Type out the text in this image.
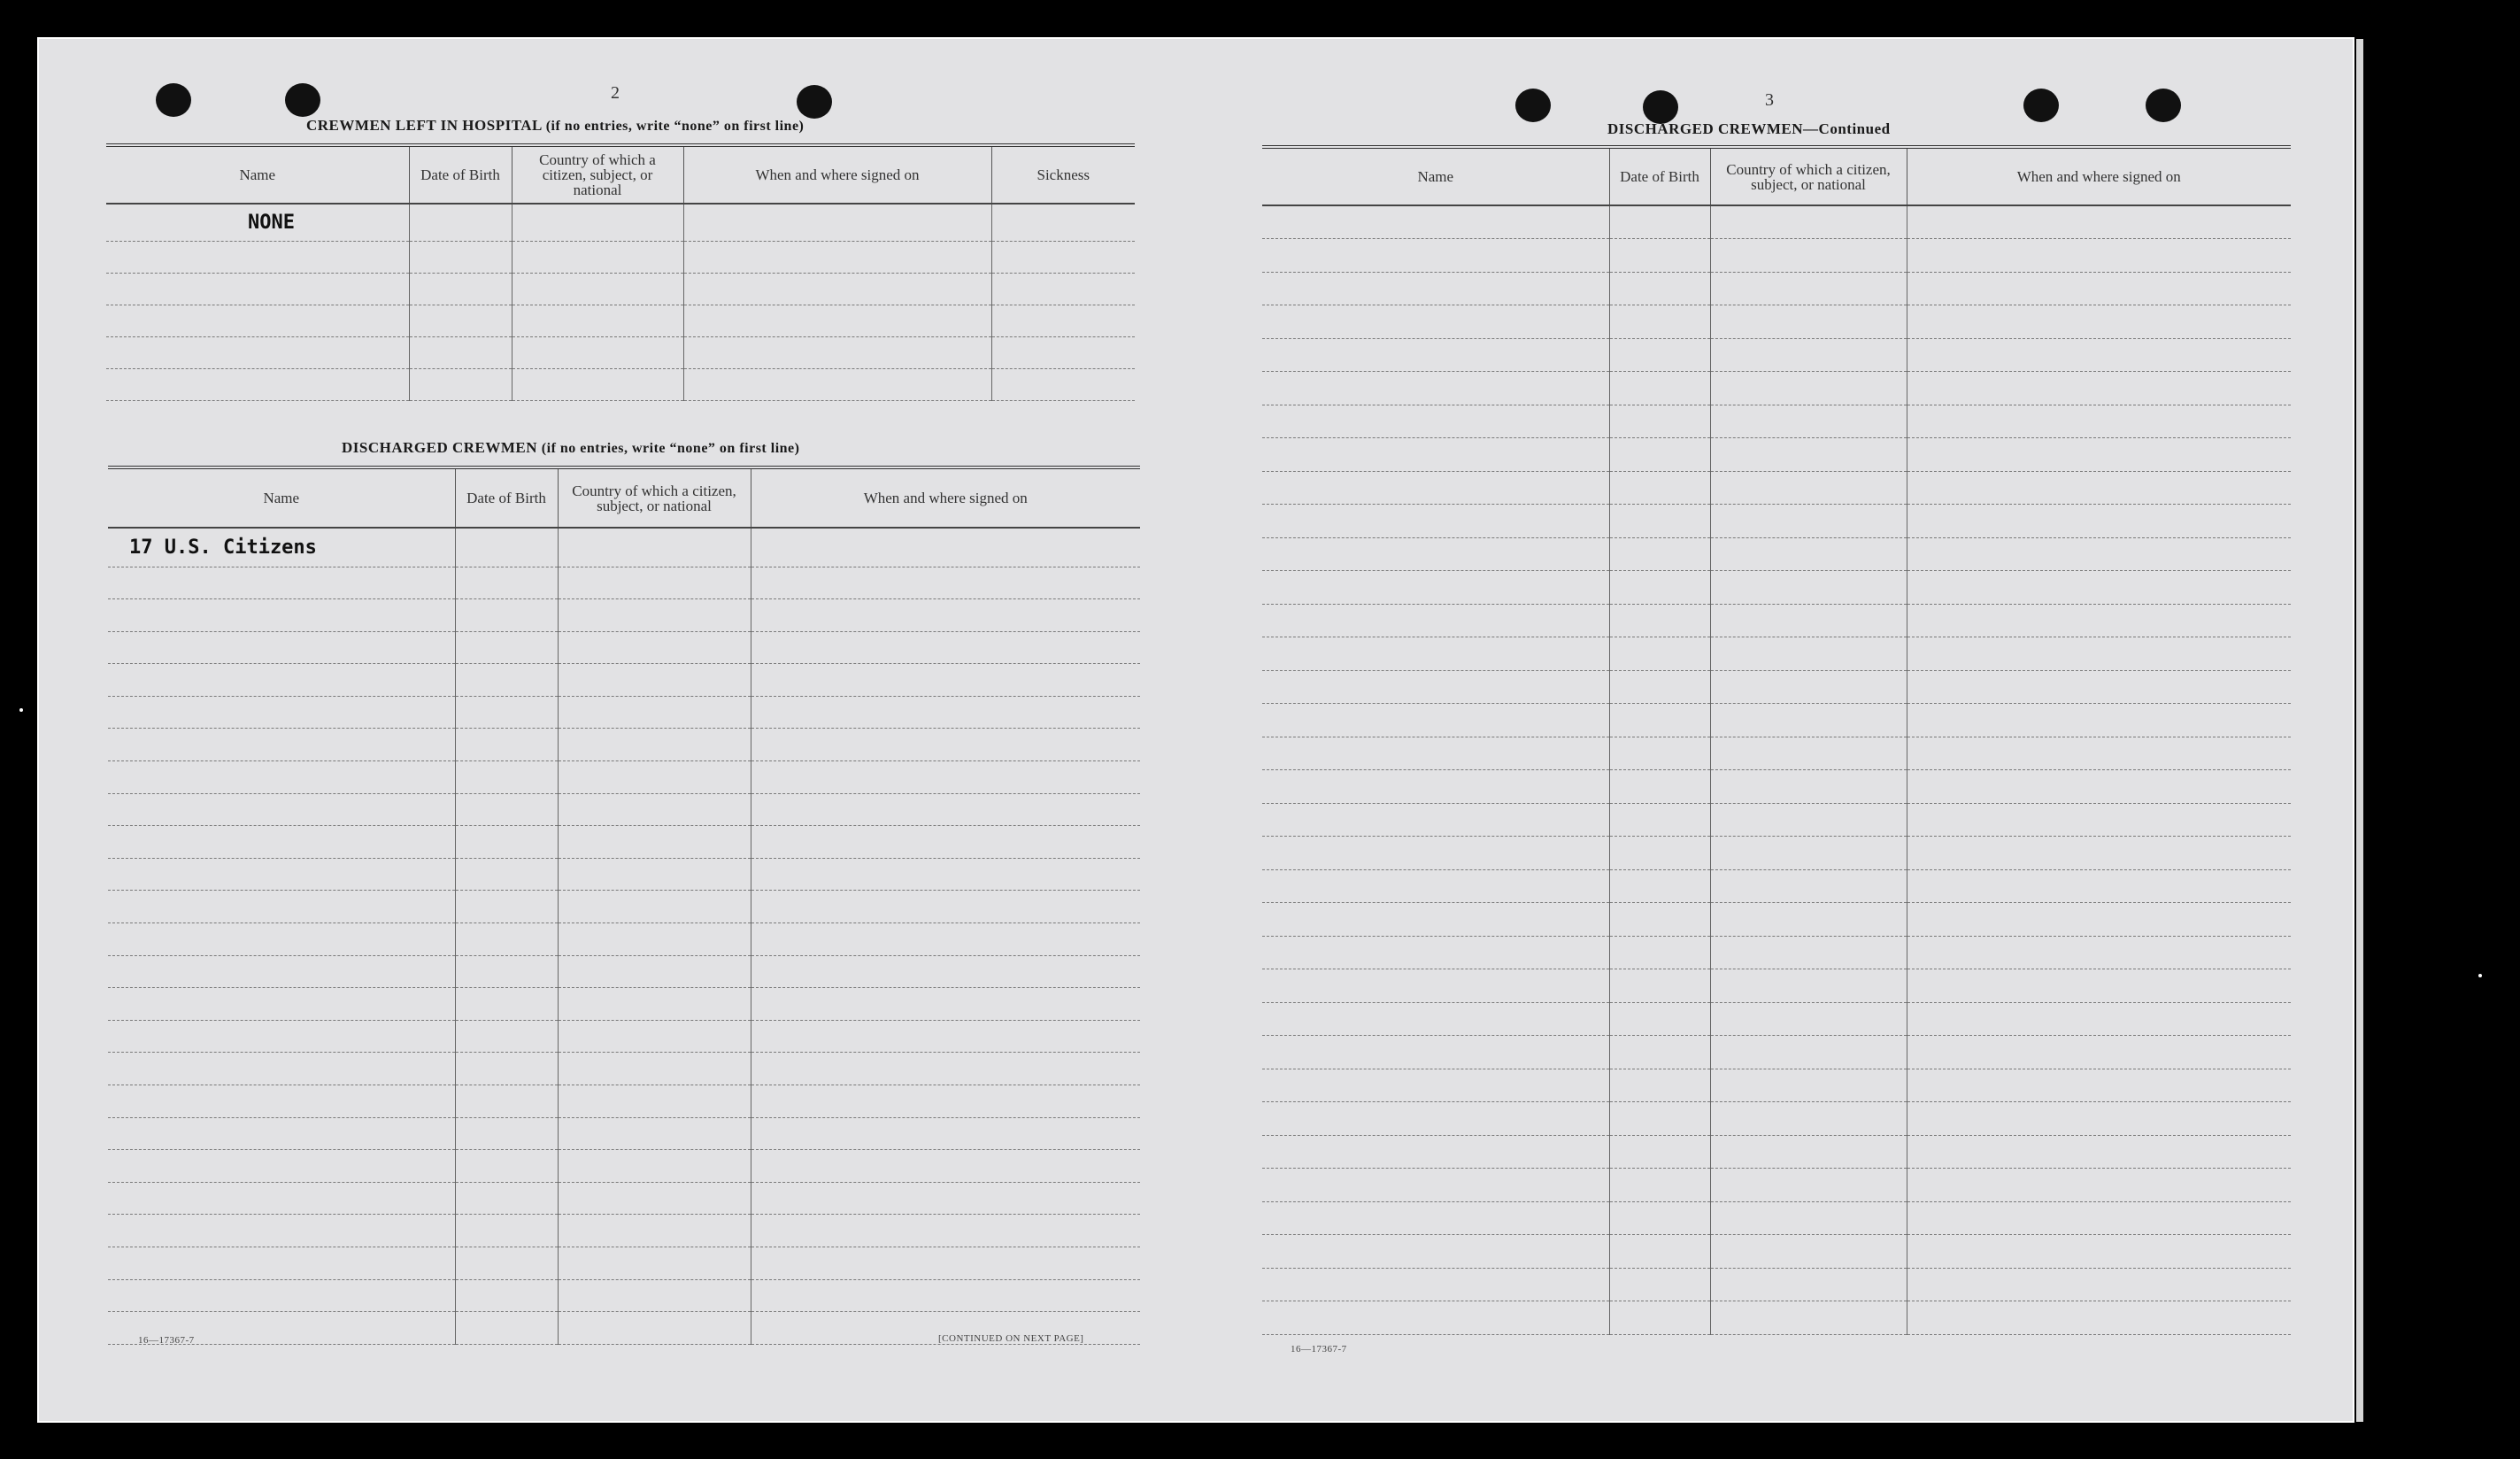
2
CREWMEN LEFT IN HOSPITAL (if no entries, write “none” on first line)
Name	Date of Birth	Country of which a citizen, subject, or national	When and where signed on	Sickness
NONE				

DISCHARGED CREWMEN (if no entries, write “none” on first line)
Name	Date of Birth	Country of which a citizen, subject, or national	When and where signed on
17 U.S. Citizens			

16—17367-7	[CONTINUED ON NEXT PAGE]
3
DISCHARGED CREWMEN—Continued
Name	Date of Birth	Country of which a citizen, subject, or national	When and where signed on

16—17367-7
